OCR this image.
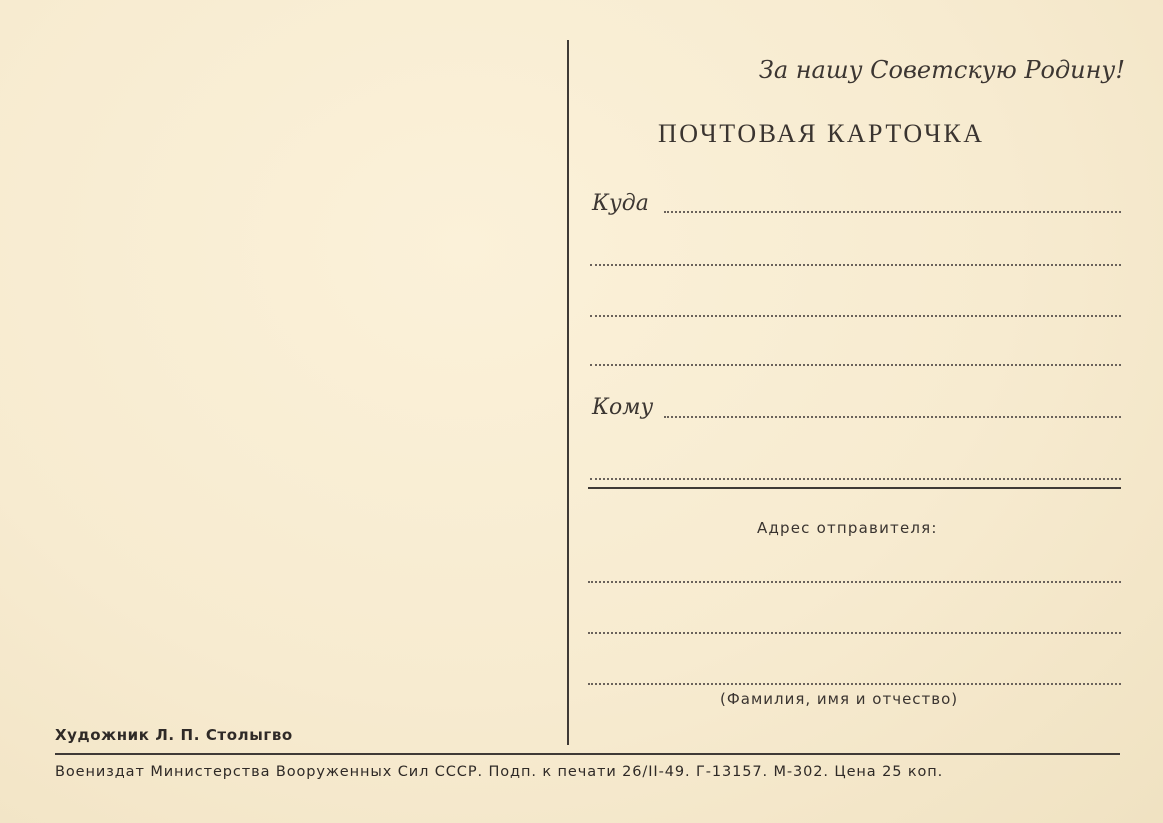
За нашу Советскую Родину!
ПОЧТОВАЯ КАРТОЧКА
Куда
Кому
Адрес отправителя:
(Фамилия, имя и отчество)
Художник Л. П. Столыгво
Воениздат Министерства Вооруженных Сил СССР. Подп. к печати 26/II-49. Г-13157. М-302. Цена 25 коп.
